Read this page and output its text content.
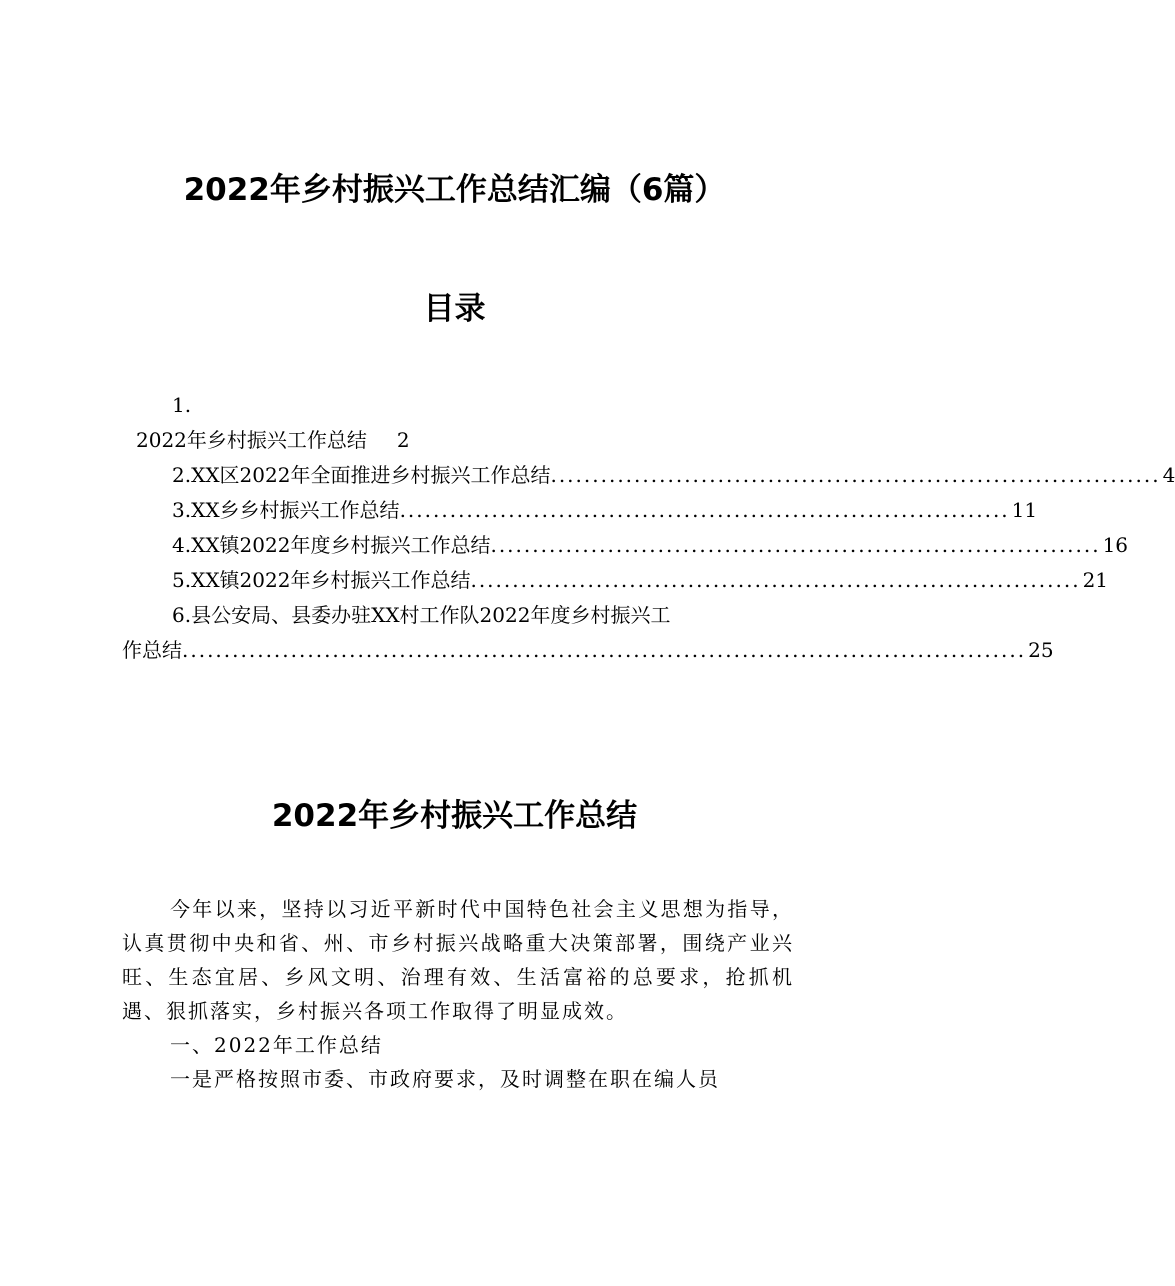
2022年乡村振兴工作总结汇编（6篇）
目录
1.
2022年乡村振兴工作总结	2
2.XX区2022年全面推进乡村振兴工作总结 ......................................................................... 4
3.XX乡乡村振兴工作总结 ......................................................................... 11
4.XX镇2022年度乡村振兴工作总结 ......................................................................... 16
5.XX镇2022年乡村振兴工作总结 ......................................................................... 21
6.县公安局、县委办驻XX村工作队2022年度乡村振兴工
作总结 ..................................................................................................... 25
2022年乡村振兴工作总结

今年以来，坚持以习近平新时代中国特色社会主义思想为指导，认真贯彻中央和省、州、市乡村振兴战略重大决策部署，围绕产业兴旺、生态宜居、乡风文明、治理有效、生活富裕的总要求，抢抓机遇、狠抓落实，乡村振兴各项工作取得了明显成效。

一、2022年工作总结

一是严格按照市委、市政府要求，及时调整在职在编人员
